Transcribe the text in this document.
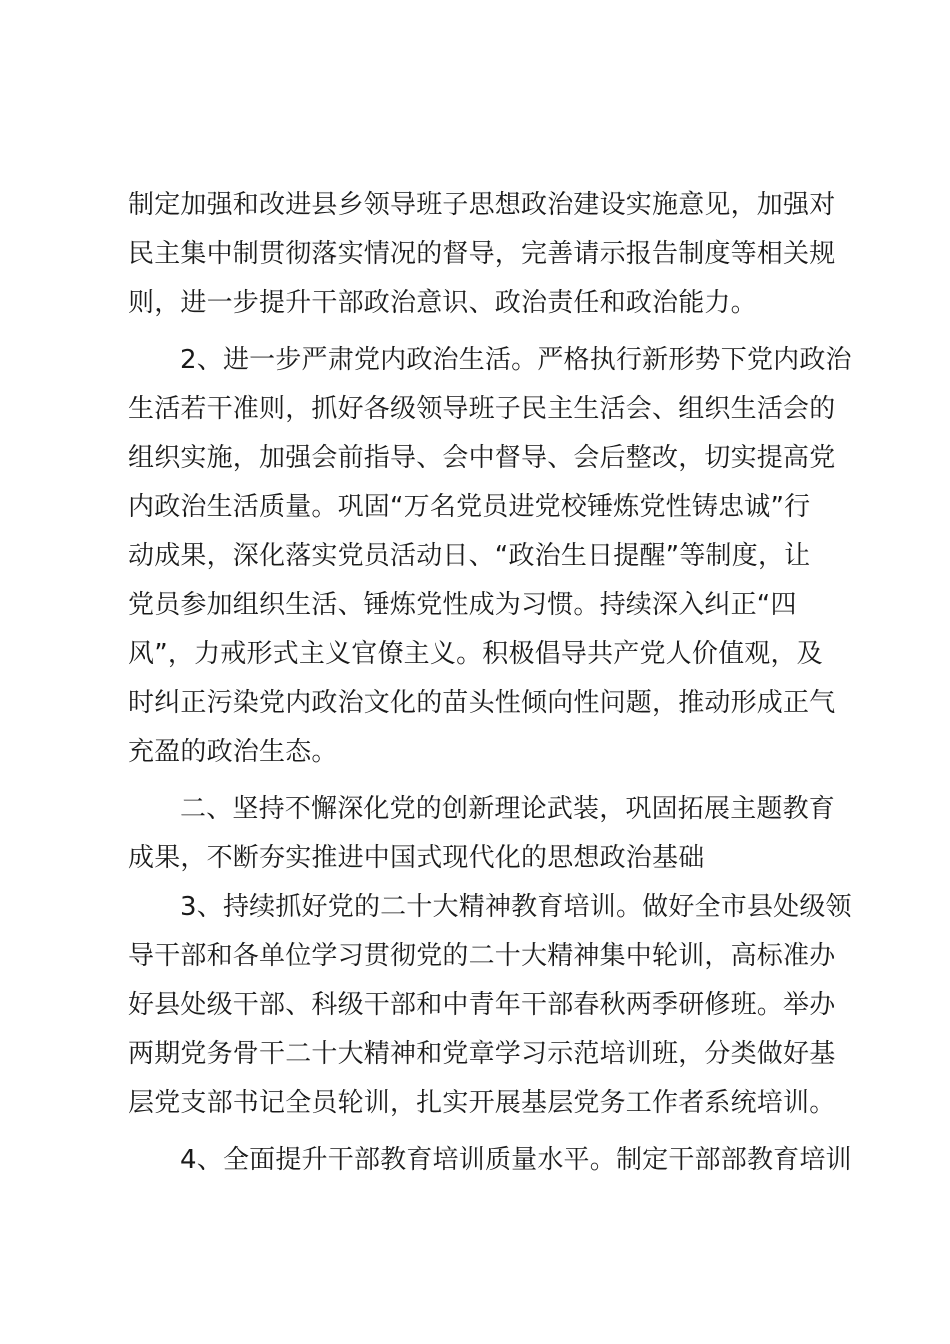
制定加强和改进县乡领导班子思想政治建设实施意见，加强对
民主集中制贯彻落实情况的督导，完善请示报告制度等相关规
则，进一步提升干部政治意识、政治责任和政治能力。
2、进一步严肃党内政治生活。严格执行新形势下党内政治
生活若干准则，抓好各级领导班子民主生活会、组织生活会的
组织实施，加强会前指导、会中督导、会后整改，切实提高党
内政治生活质量。巩固“万名党员进党校锤炼党性铸忠诚”行
动成果，深化落实党员活动日、“政治生日提醒”等制度，让
党员参加组织生活、锤炼党性成为习惯。持续深入纠正“四
风”，力戒形式主义官僚主义。积极倡导共产党人价值观，及
时纠正污染党内政治文化的苗头性倾向性问题，推动形成正气
充盈的政治生态。
二、坚持不懈深化党的创新理论武装，巩固拓展主题教育
成果，不断夯实推进中国式现代化的思想政治基础
3、持续抓好党的二十大精神教育培训。做好全市县处级领
导干部和各单位学习贯彻党的二十大精神集中轮训，高标准办
好县处级干部、科级干部和中青年干部春秋两季研修班。举办
两期党务骨干二十大精神和党章学习示范培训班，分类做好基
层党支部书记全员轮训，扎实开展基层党务工作者系统培训。
4、全面提升干部教育培训质量水平。制定干部部教育培训
